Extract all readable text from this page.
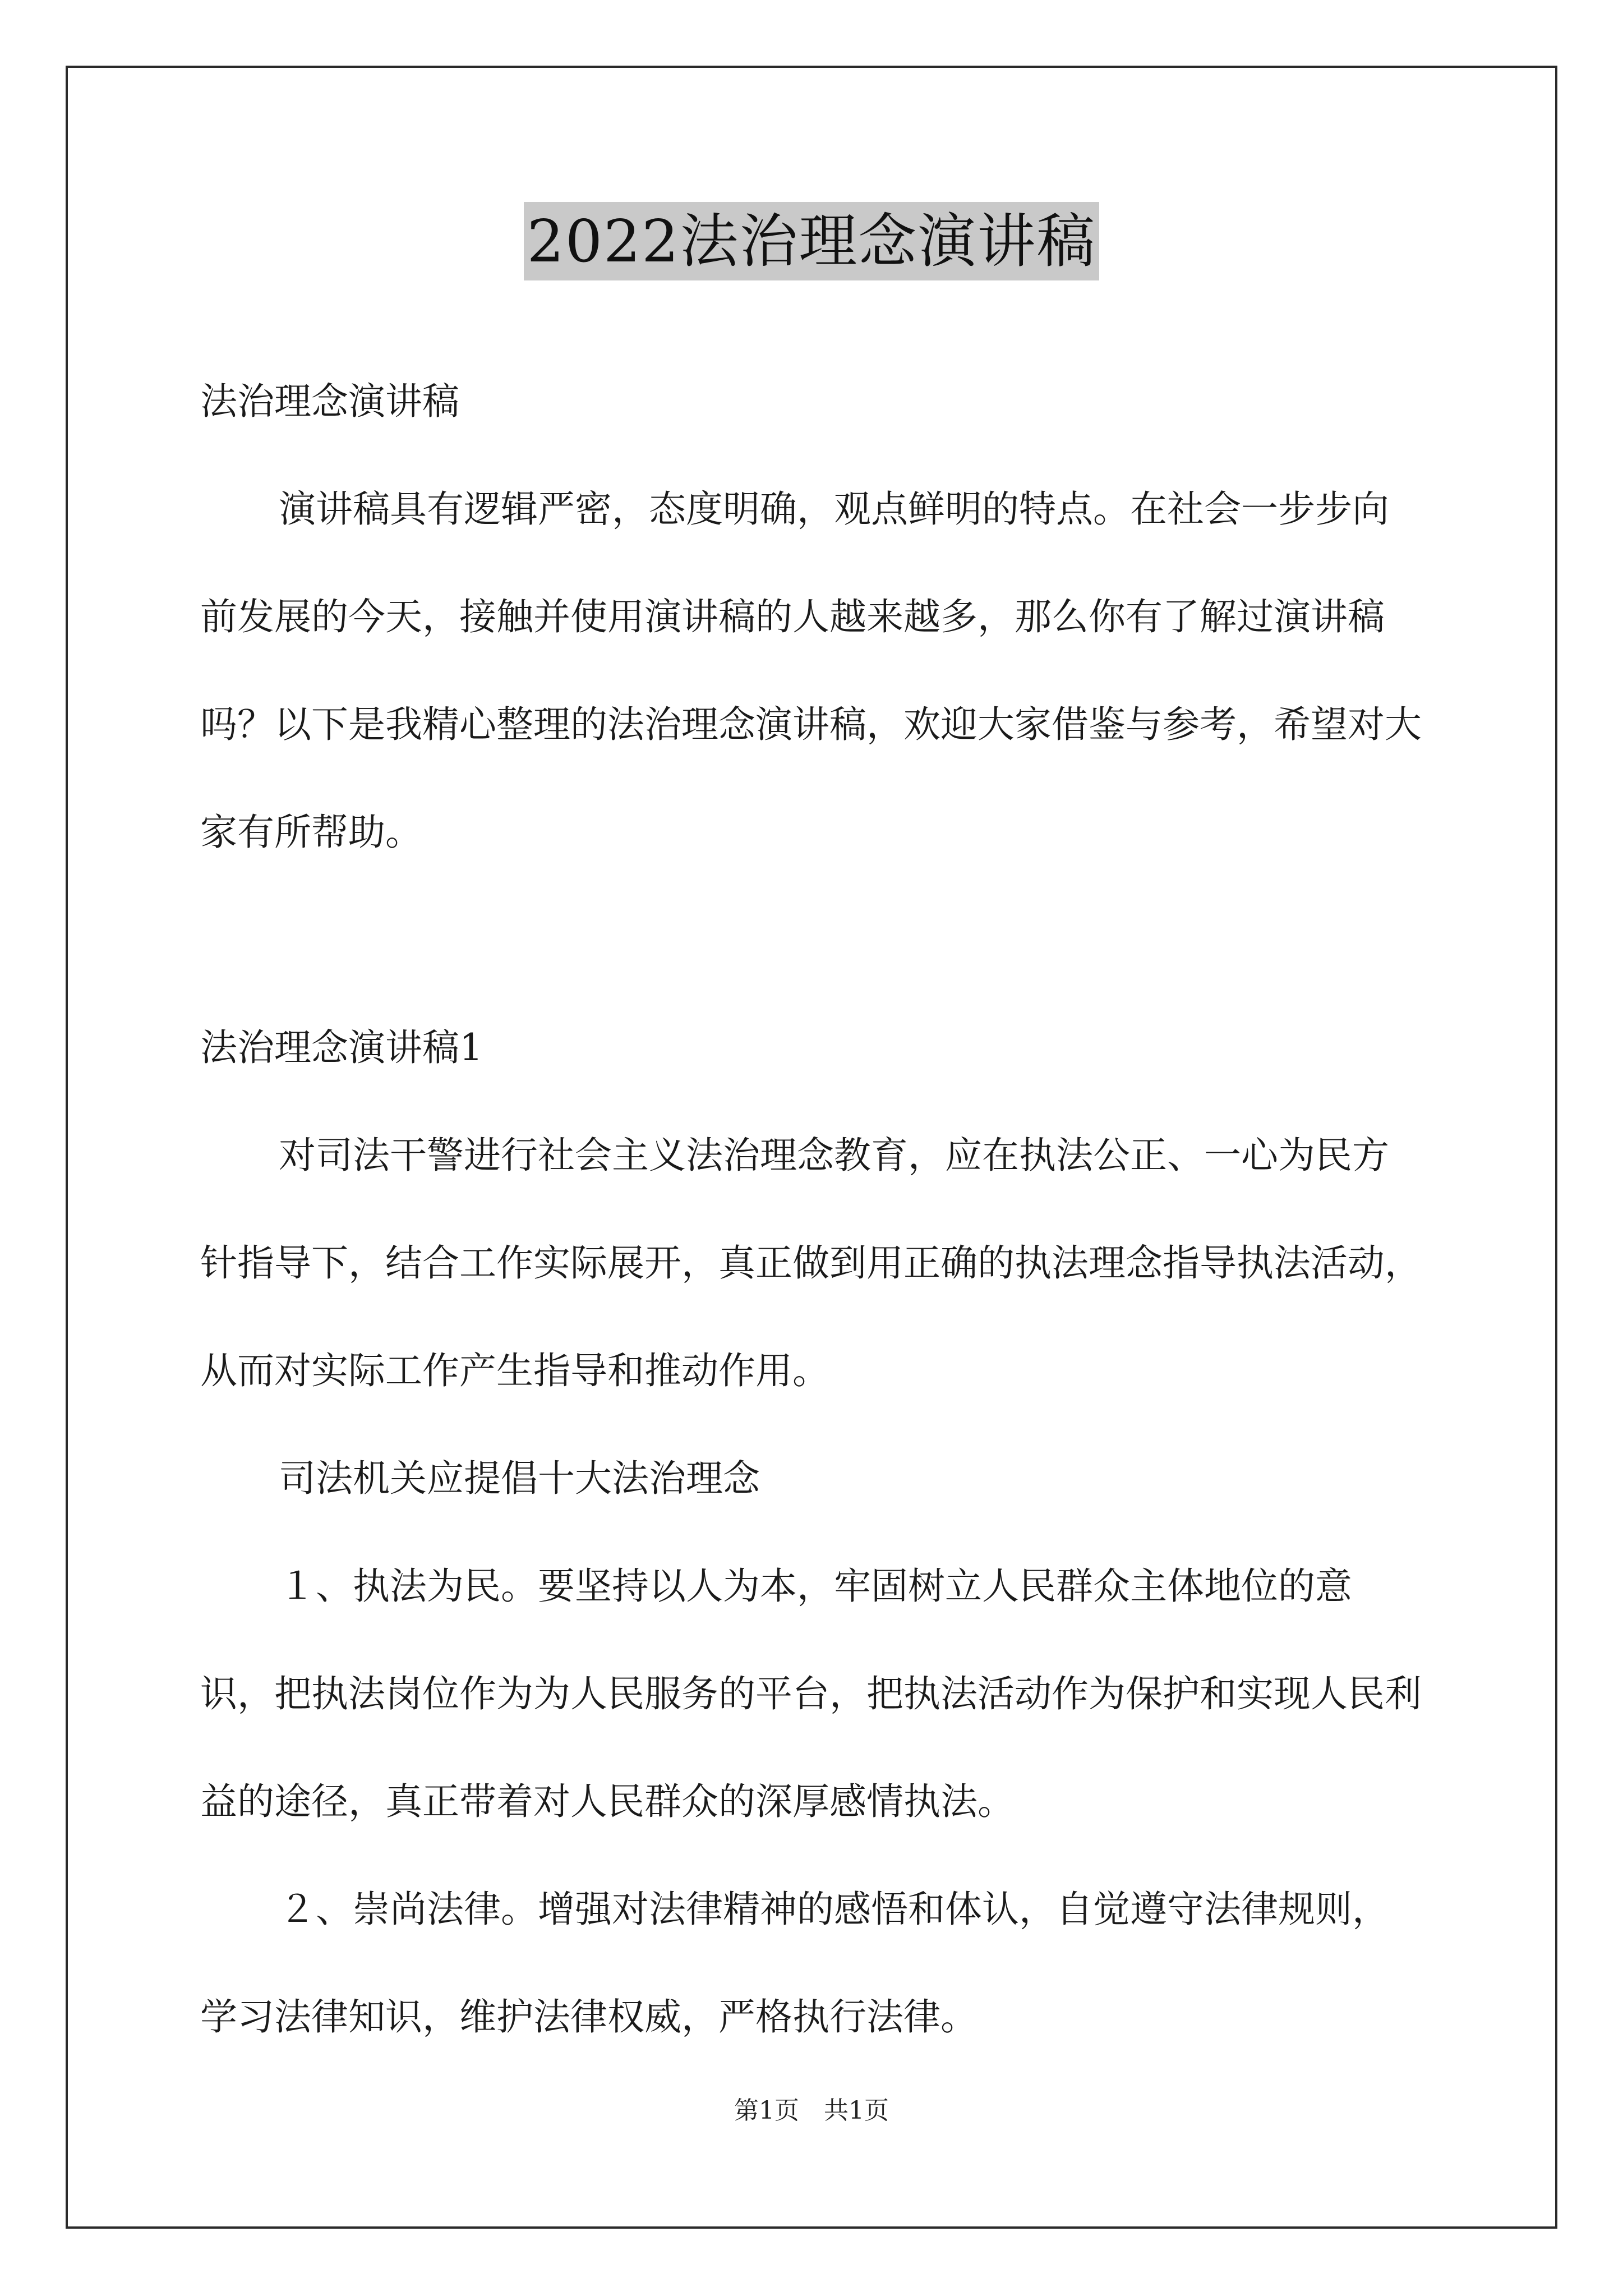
2022法治理念演讲稿

法治理念演讲稿

演讲稿具有逻辑严密，态度明确，观点鲜明的特点。在社会一步步向前发展的今天，接触并使用演讲稿的人越来越多，那么你有了解过演讲稿吗？以下是我精心整理的法治理念演讲稿，欢迎大家借鉴与参考，希望对大家有所帮助。

法治理念演讲稿1

对司法干警进行社会主义法治理念教育，应在执法公正、一心为民方针指导下，结合工作实际展开，真正做到用正确的执法理念指导执法活动，从而对实际工作产生指导和推动作用。

司法机关应提倡十大法治理念

１、执法为民。要坚持以人为本，牢固树立人民群众主体地位的意识，把执法岗位作为为人民服务的平台，把执法活动作为保护和实现人民利益的途径，真正带着对人民群众的深厚感情执法。

２、崇尚法律。增强对法律精神的感悟和体认，自觉遵守法律规则，学习法律知识，维护法律权威，严格执行法律。

第1页　共1页
